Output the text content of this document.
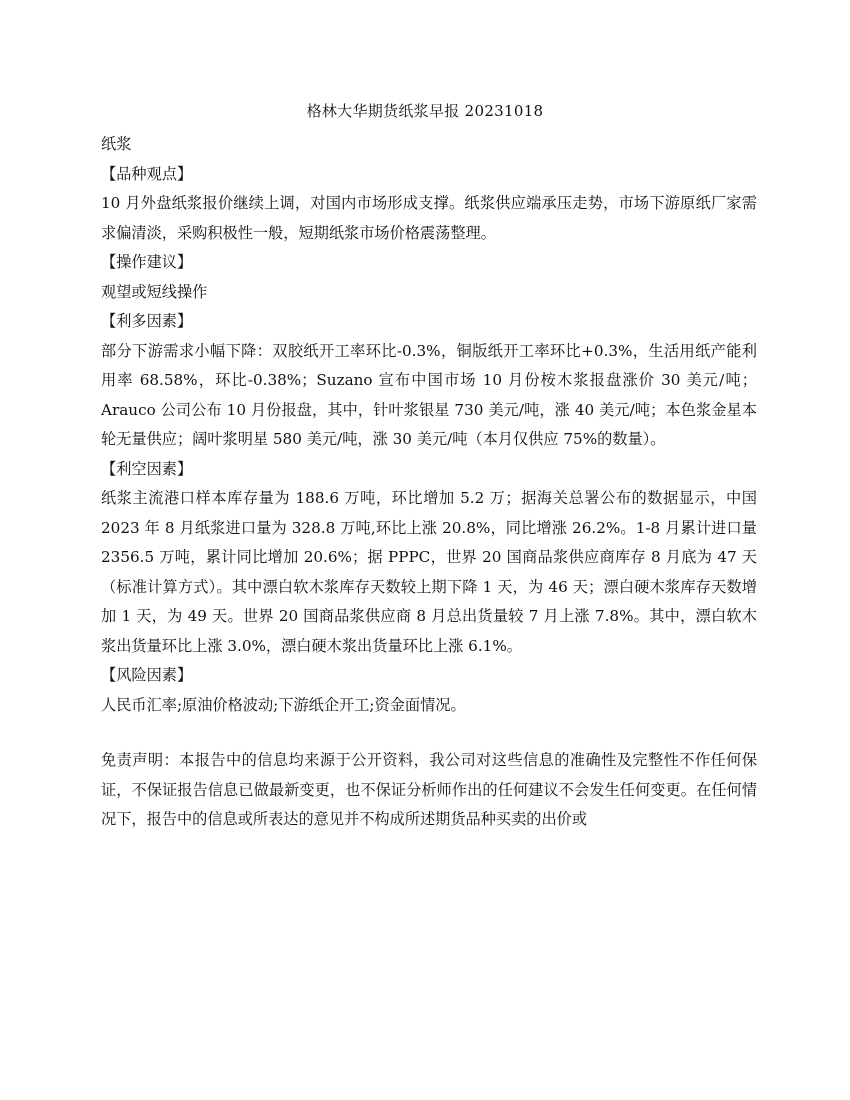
格林大华期货纸浆早报 20231018

纸浆

【品种观点】

10 月外盘纸浆报价继续上调，对国内市场形成支撑。纸浆供应端承压走势，市场下游原纸厂家需求偏清淡，采购积极性一般，短期纸浆市场价格震荡整理。

【操作建议】

观望或短线操作

【利多因素】

部分下游需求小幅下降：双胶纸开工率环比-0.3%，铜版纸开工率环比+0.3%，生活用纸产能利用率 68.58%，环比-0.38%；Suzano 宣布中国市场 10 月份桉木浆报盘涨价 30 美元/吨；Arauco 公司公布 10 月份报盘，其中，针叶浆银星 730 美元/吨，涨 40 美元/吨；本色浆金星本轮无量供应；阔叶浆明星 580 美元/吨，涨 30 美元/吨（本月仅供应 75%的数量）。

【利空因素】

纸浆主流港口样本库存量为 188.6 万吨，环比增加 5.2 万；据海关总署公布的数据显示，中国 2023 年 8 月纸浆进口量为 328.8 万吨,环比上涨 20.8%，同比增涨 26.2%。1-8 月累计进口量 2356.5 万吨，累计同比增加 20.6%；据 PPPC，世界 20 国商品浆供应商库存 8 月底为 47 天（标准计算方式）。其中漂白软木浆库存天数较上期下降 1 天，为 46 天；漂白硬木浆库存天数增加 1 天，为 49 天。世界 20 国商品浆供应商 8 月总出货量较 7 月上涨 7.8%。其中，漂白软木浆出货量环比上涨 3.0%，漂白硬木浆出货量环比上涨 6.1%。

【风险因素】

人民币汇率;原油价格波动;下游纸企开工;资金面情况。

免责声明：本报告中的信息均来源于公开资料，我公司对这些信息的准确性及完整性不作任何保证，不保证报告信息已做最新变更，也不保证分析师作出的任何建议不会发生任何变更。在任何情况下，报告中的信息或所表达的意见并不构成所述期货品种买卖的出价或
